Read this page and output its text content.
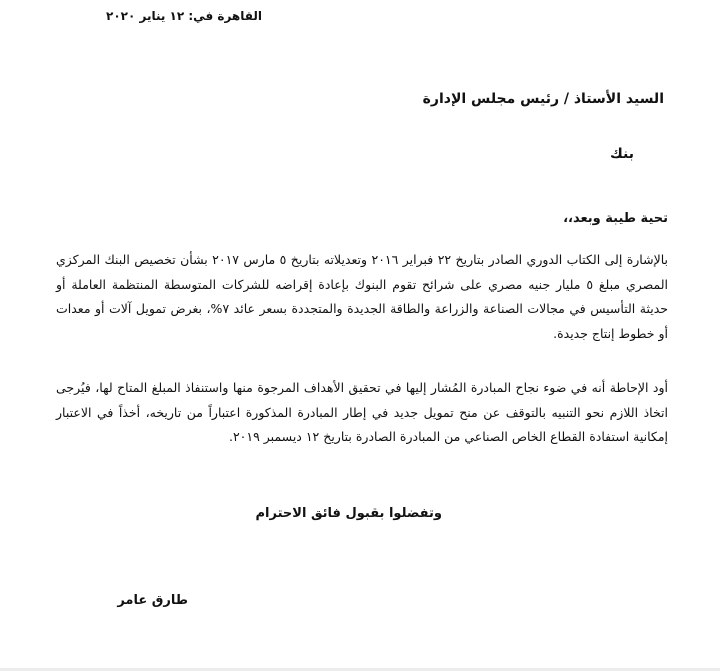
القاهرة في: ١٢ يناير ٢٠٢٠
السيد الأستاذ / رئيس مجلس الإدارة
بنك
تحية طيبة وبعد،،

بالإشارة إلى الكتاب الدوري الصادر بتاريخ ٢٢ فبراير ٢٠١٦ وتعديلاته بتاريخ ٥ مارس ٢٠١٧ بشأن تخصيص البنك المركزي المصري مبلغ ٥ مليار جنيه مصري على شرائح تقوم البنوك بإعادة إقراضه للشركات المتوسطة المنتظمة العاملة أو حديثة التأسيس في مجالات الصناعة والزراعة والطاقة الجديدة والمتجددة بسعر عائد ٧%، بغرض تمويل آلات أو معدات أو خطوط إنتاج جديدة.

أود الإحاطة أنه في ضوء نجاح المبادرة المُشار إليها في تحقيق الأهداف المرجوة منها واستنفاذ المبلغ المتاح لها، فيُرجى اتخاذ اللازم نحو التنبيه بالتوقف عن منح تمويل جديد في إطار المبادرة المذكورة اعتباراً من تاريخه، أخذاً في الاعتبار إمكانية استفادة القطاع الخاص الصناعي من المبادرة الصادرة بتاريخ ١٢ ديسمبر ٢٠١٩.

وتفضلوا بقبول فائق الاحترام
طارق عامر
